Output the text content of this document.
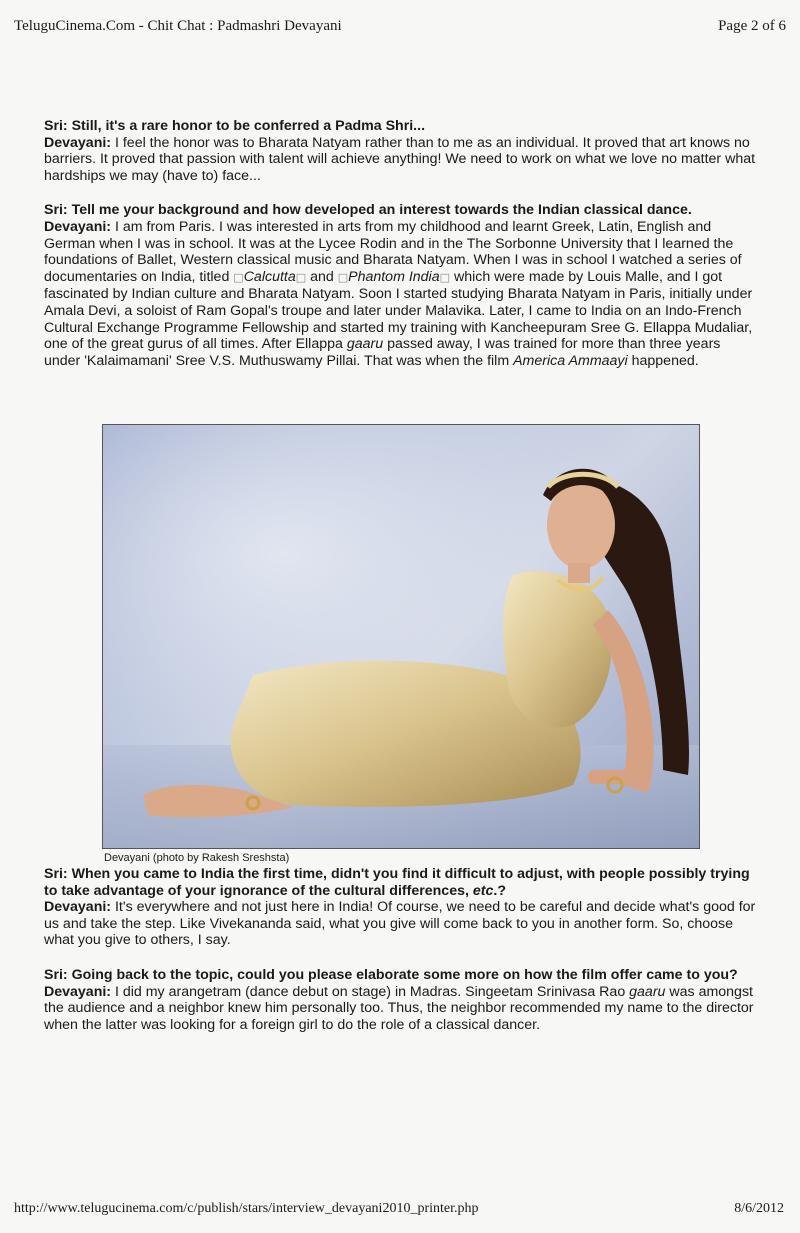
TeluguCinema.Com - Chit Chat : Padmashri Devayani	Page 2 of 6
Sri: Still, it's a rare honor to be conferred a Padma Shri...
Devayani: I feel the honor was to Bharata Natyam rather than to me as an individual. It proved that art knows no barriers. It proved that passion with talent will achieve anything! We need to work on what we love no matter what hardships we may (have to) face...
Sri: Tell me your background and how developed an interest towards the Indian classical dance.
Devayani: I am from Paris. I was interested in arts from my childhood and learnt Greek, Latin, English and German when I was in school. It was at the Lycee Rodin and in the The Sorbonne University that I learned the foundations of Ballet, Western classical music and Bharata Natyam. When I was in school I watched a series of documentaries on India, titled □Calcutta□ and □Phantom India□ which were made by Louis Malle, and I got fascinated by Indian culture and Bharata Natyam. Soon I started studying Bharata Natyam in Paris, initially under Amala Devi, a soloist of Ram Gopal's troupe and later under Malavika. Later, I came to India on an Indo-French Cultural Exchange Programme Fellowship and started my training with Kancheepuram Sree G. Ellappa Mudaliar, one of the great gurus of all times. After Ellappa gaaru passed away, I was trained for more than three years under 'Kalaimamani' Sree V.S. Muthuswamy Pillai. That was when the film America Ammaayi happened.
Devayani (photo by Rakesh Sreshsta)
Sri: When you came to India the first time, didn't you find it difficult to adjust, with people possibly trying to take advantage of your ignorance of the cultural differences, etc.?
Devayani: It's everywhere and not just here in India! Of course, we need to be careful and decide what's good for us and take the step. Like Vivekananda said, what you give will come back to you in another form. So, choose what you give to others, I say.
Sri: Going back to the topic, could you please elaborate some more on how the film offer came to you?
Devayani: I did my arangetram (dance debut on stage) in Madras. Singeetam Srinivasa Rao gaaru was amongst the audience and a neighbor knew him personally too. Thus, the neighbor recommended my name to the director when the latter was looking for a foreign girl to do the role of a classical dancer.
http://www.telugucinema.com/c/publish/stars/interview_devayani2010_printer.php	8/6/2012
